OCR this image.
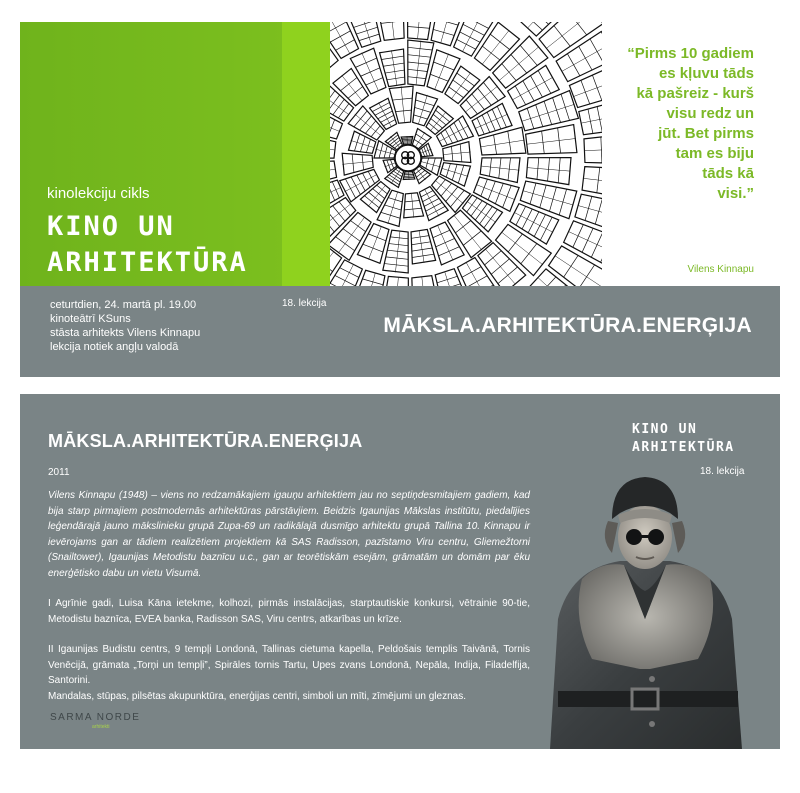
kinolekciju cikls
KINO UN
ARHITEKTŪRA
“Pirms 10 gadiem
es kļuvu tāds
kā pašreiz - kurš
visu redz un
jūt. Bet pirms
tam es biju
tāds kā
visi.”
Vilens Kinnapu
ceturtdien, 24. martā pl. 19.00
kinoteātrī KSuns
stāsta arhitekts Vilens Kinnapu
lekcija notiek angļu valodā
18. lekcija
MĀKSLA.ARHITEKTŪRA.ENERĢIJA
MĀKSLA.ARHITEKTŪRA.ENERĢIJA
KINO UN
ARHITEKTŪRA
18. lekcija
2011

Vilens Kinnapu (1948) – viens no redzamākajiem igauņu arhitektiem jau no septiņdesmitajiem gadiem, kad bija starp pirmajiem postmodernās arhitektūras pārstāvjiem. Beidzis Igaunijas Mākslas institūtu, piedalījies leģendārajā jauno mākslinieku grupā Zupa-69 un radikālajā dusmīgo arhitektu grupā Tallina 10. Kinnapu ir ievērojams gan ar tādiem realizētiem projektiem kā SAS Radisson, pazīstamo Viru centru, Gliemežtorni (Snailtower), Igaunijas Metodistu baznīcu u.c., gan ar teorētiskām esejām, grāmatām un domām par ēku enerģētisko dabu un vietu Visumā.

I Agrīnie gadi, Luisa Kāna ietekme, kolhozi, pirmās instalācijas, starptautiskie konkursi, vētrainie 90-tie, Metodistu baznīca, EVEA banka, Radisson SAS, Viru centrs, atkarības un krīze.

II Igaunijas Budistu centrs, 9 tempļi Londonā, Tallinas cietuma kapella, Peldošais templis Taivānā, Tornis Venēcijā, grāmata „Torņi un tempļi”, Spirāles tornis Tartu, Upes zvans Londonā, Nepāla, Indija, Filadelfija, Santorini.

Mandalas, stūpas, pilsētas akupunktūra, enerģijas centri, simboli un mīti, zīmējumi un gleznas.

SARMA NORDE
arhitekti
